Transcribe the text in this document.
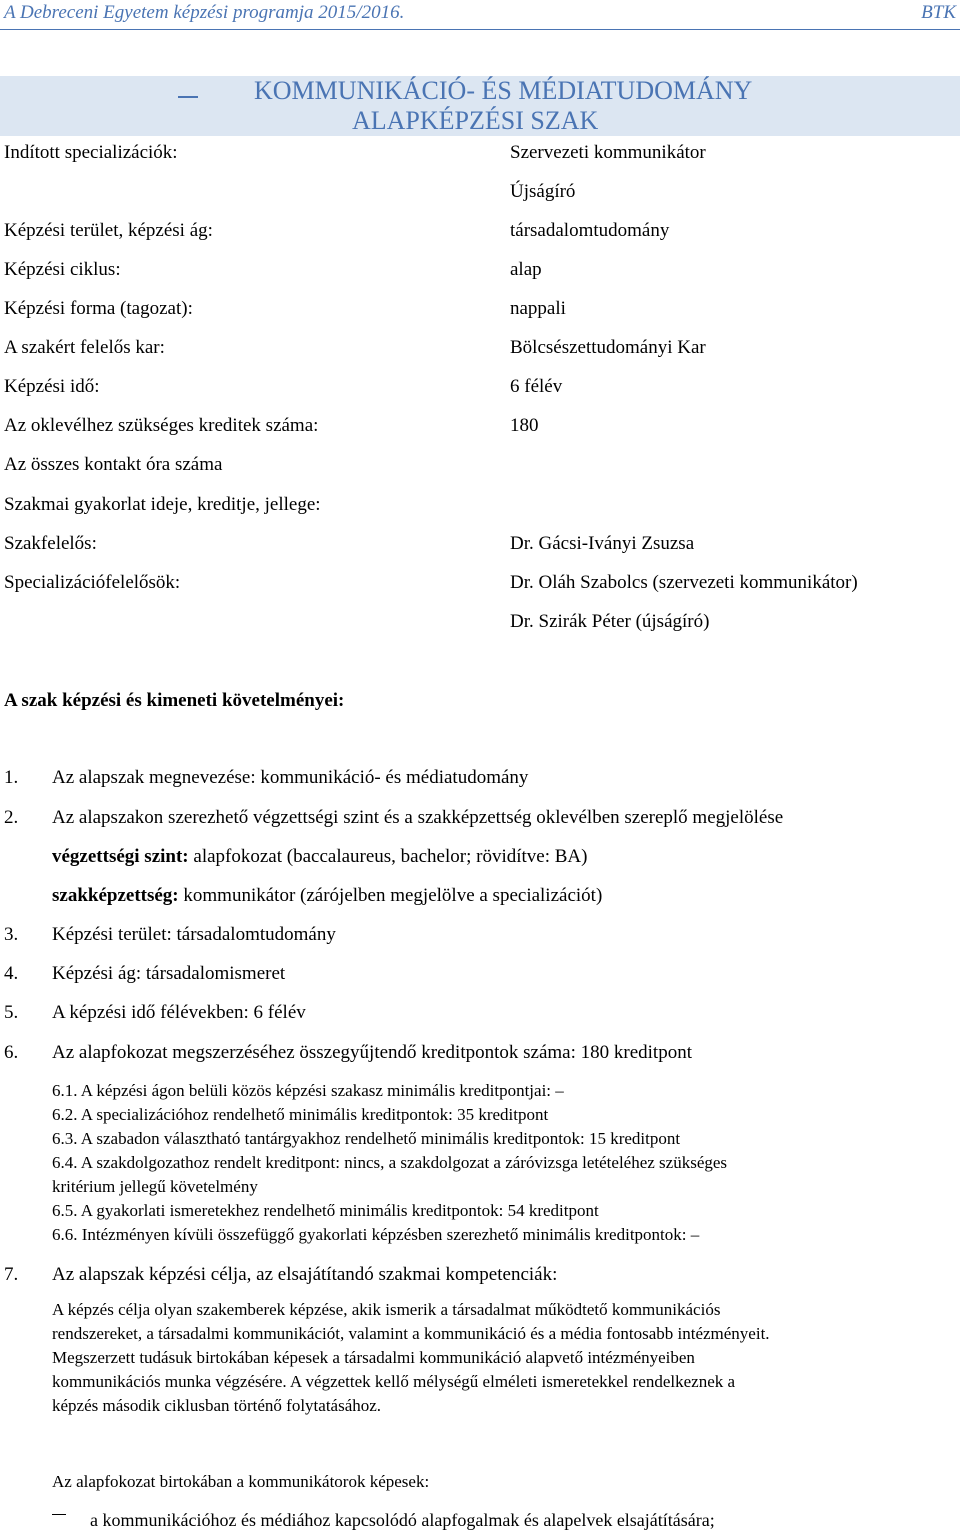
A Debreceni Egyetem képzési programja 2015/2016.	BTK
KOMMUNIKÁCIÓ- ÉS MÉDIATUDOMÁNY
ALAPKÉPZÉSI SZAK
Indított specializációk:	Szervezeti kommunikátor
Újságíró
Képzési terület, képzési ág:	társadalomtudomány
Képzési ciklus:	alap
Képzési forma (tagozat):	nappali
A szakért felelős kar:	Bölcsészettudományi Kar
Képzési idő:	6 félév
Az oklevélhez szükséges kreditek száma:	180
Az összes kontakt óra száma
Szakmai gyakorlat ideje, kreditje, jellege:
Szakfelelős:	Dr. Gácsi-Iványi Zsuzsa
Specializációfelelősök:	Dr. Oláh Szabolcs (szervezeti kommunikátor)
Dr. Szirák Péter (újságíró)
A szak képzési és kimeneti követelményei:
1. Az alapszak megnevezése: kommunikáció- és médiatudomány
2. Az alapszakon szerezhető végzettségi szint és a szakképzettség oklevélben szereplő megjelölése
végzettségi szint: alapfokozat (baccalaureus, bachelor; rövidítve: BA)
szakképzettség: kommunikátor (zárójelben megjelölve a specializációt)
3. Képzési terület: társadalomtudomány
4. Képzési ág: társadalomismeret
5. A képzési idő félévekben: 6 félév
6. Az alapfokozat megszerzéséhez összegyűjtendő kreditpontok száma: 180 kreditpont
6.1. A képzési ágon belüli közös képzési szakasz minimális kreditpontjai: –
6.2. A specializációhoz rendelhető minimális kreditpontok: 35 kreditpont
6.3. A szabadon választható tantárgyakhoz rendelhető minimális kreditpontok: 15 kreditpont
6.4. A szakdolgozathoz rendelt kreditpont: nincs, a szakdolgozat a záróvizsga letételéhez szükséges
kritérium jellegű követelmény
6.5. A gyakorlati ismeretekhez rendelhető minimális kreditpontok: 54 kreditpont
6.6. Intézményen kívüli összefüggő gyakorlati képzésben szerezhető minimális kreditpontok: –
7. Az alapszak képzési célja, az elsajátítandó szakmai kompetenciák:
A képzés célja olyan szakemberek képzése, akik ismerik a társadalmat működtető kommunikációs
rendszereket, a társadalmi kommunikációt, valamint a kommunikáció és a média fontosabb intézményeit.
Megszerzett tudásuk birtokában képesek a társadalmi kommunikáció alapvető intézményeiben
kommunikációs munka végzésére. A végzettek kellő mélységű elméleti ismeretekkel rendelkeznek a
képzés második ciklusban történő folytatásához.
Az alapfokozat birtokában a kommunikátorok képesek:
a kommunikációhoz és médiához kapcsolódó alapfogalmak és alapelvek elsajátítására;
